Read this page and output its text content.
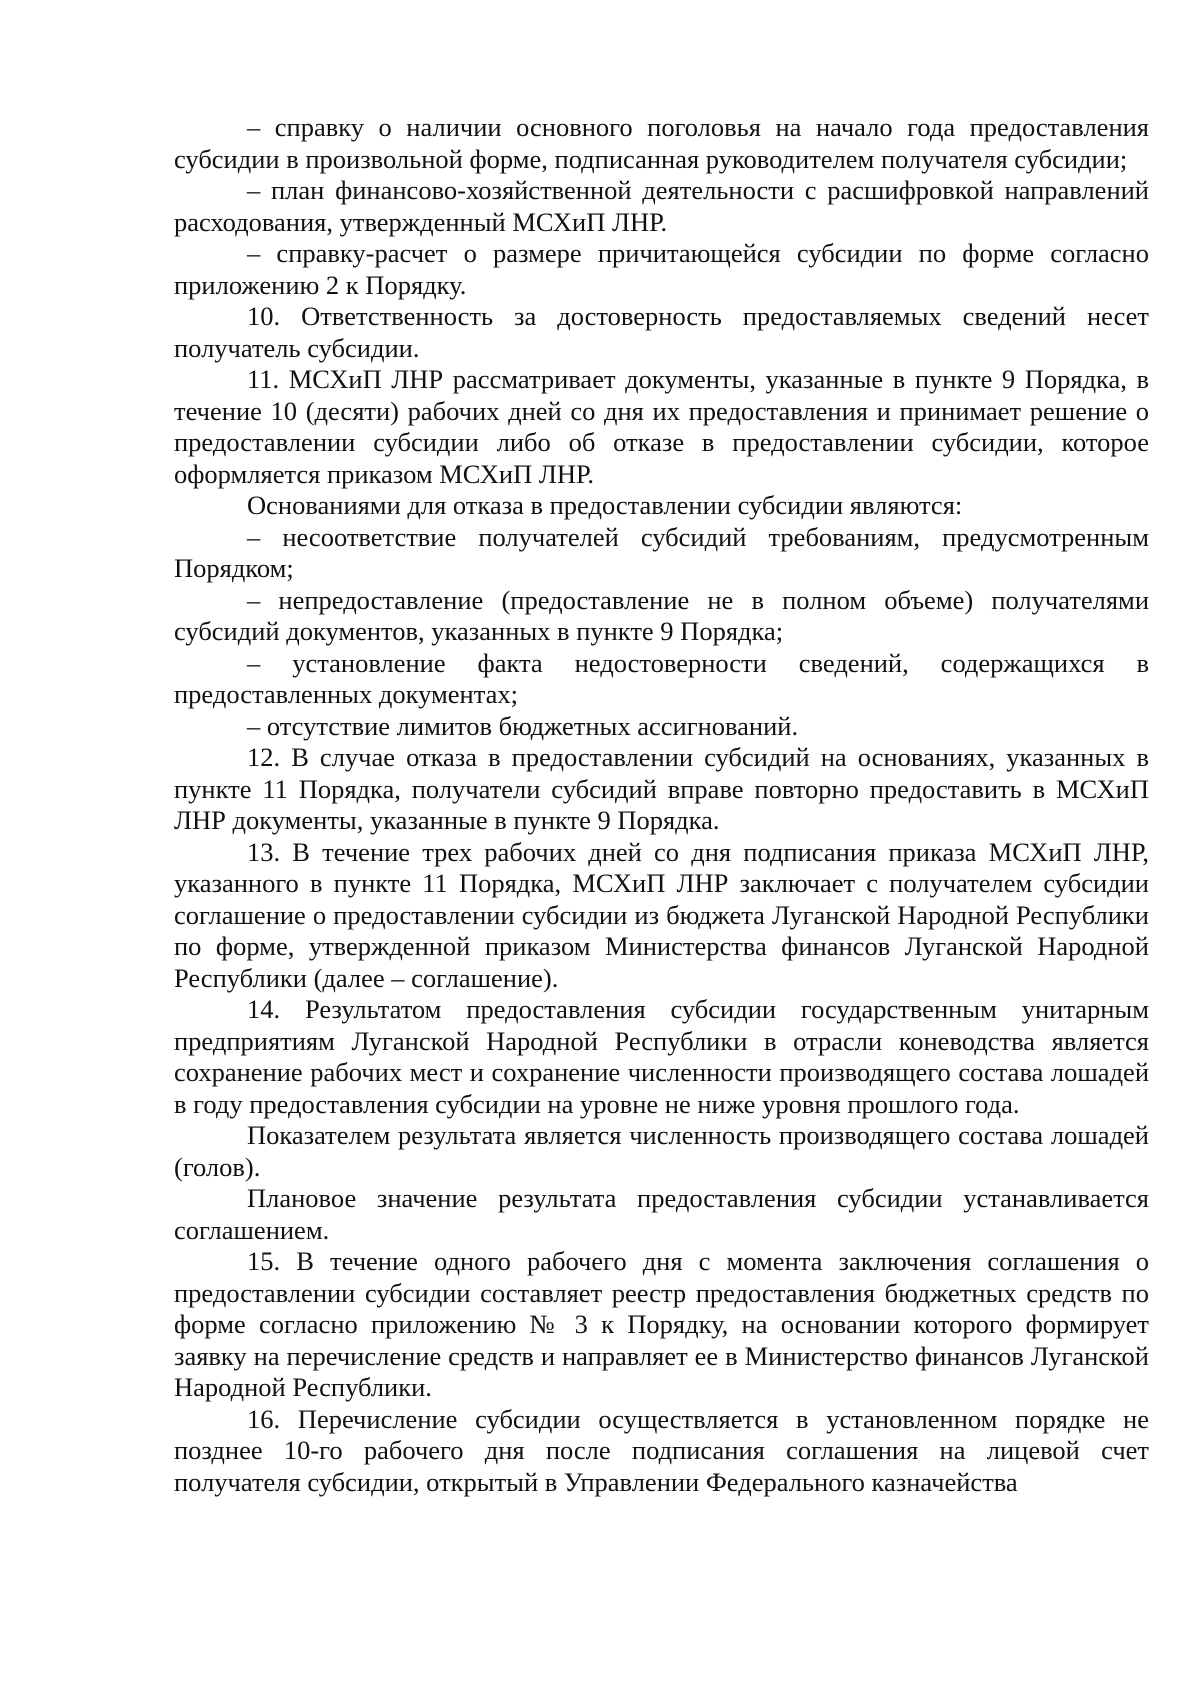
– справку о наличии основного поголовья на начало года предоставления субсидии в произвольной форме, подписанная руководителем получателя субсидии;

– план финансово-хозяйственной деятельности с расшифровкой направлений расходования, утвержденный МСХиП ЛНР.

– справку-расчет о размере причитающейся субсидии по форме согласно приложению 2 к Порядку.

10. Ответственность за достоверность предоставляемых сведений несет получатель субсидии.

11. МСХиП ЛНР рассматривает документы, указанные в пункте 9 Порядка, в течение 10 (десяти) рабочих дней со дня их предоставления и принимает решение о предоставлении субсидии либо об отказе в предоставлении субсидии, которое оформляется приказом МСХиП ЛНР.

Основаниями для отказа в предоставлении субсидии являются:

– несоответствие получателей субсидий требованиям, предусмотренным Порядком;

– непредоставление (предоставление не в полном объеме) получателями субсидий документов, указанных в пункте 9 Порядка;

– установление факта недостоверности сведений, содержащихся в предоставленных документах;

– отсутствие лимитов бюджетных ассигнований.

12. В случае отказа в предоставлении субсидий на основаниях, указанных в пункте 11 Порядка, получатели субсидий вправе повторно предоставить в МСХиП ЛНР документы, указанные в пункте 9 Порядка.

13. В течение трех рабочих дней со дня подписания приказа МСХиП ЛНР, указанного в пункте 11 Порядка, МСХиП ЛНР заключает с получателем субсидии соглашение о предоставлении субсидии из бюджета Луганской Народной Республики по форме, утвержденной приказом Министерства финансов Луганской Народной Республики (далее – соглашение).

14. Результатом предоставления субсидии государственным унитарным предприятиям Луганской Народной Республики в отрасли коневодства является сохранение рабочих мест и сохранение численности производящего состава лошадей в году предоставления субсидии на уровне не ниже уровня прошлого года.

Показателем результата является численность производящего состава лошадей (голов).

Плановое значение результата предоставления субсидии устанавливается соглашением.

15. В течение одного рабочего дня с момента заключения соглашения о предоставлении субсидии составляет реестр предоставления бюджетных средств по форме согласно приложению № 3 к Порядку, на основании которого формирует заявку на перечисление средств и направляет ее в Министерство финансов Луганской Народной Республики.

16. Перечисление субсидии осуществляется в установленном порядке не позднее 10-го рабочего дня после подписания соглашения на лицевой счет получателя субсидии, открытый в Управлении Федерального казначейства
